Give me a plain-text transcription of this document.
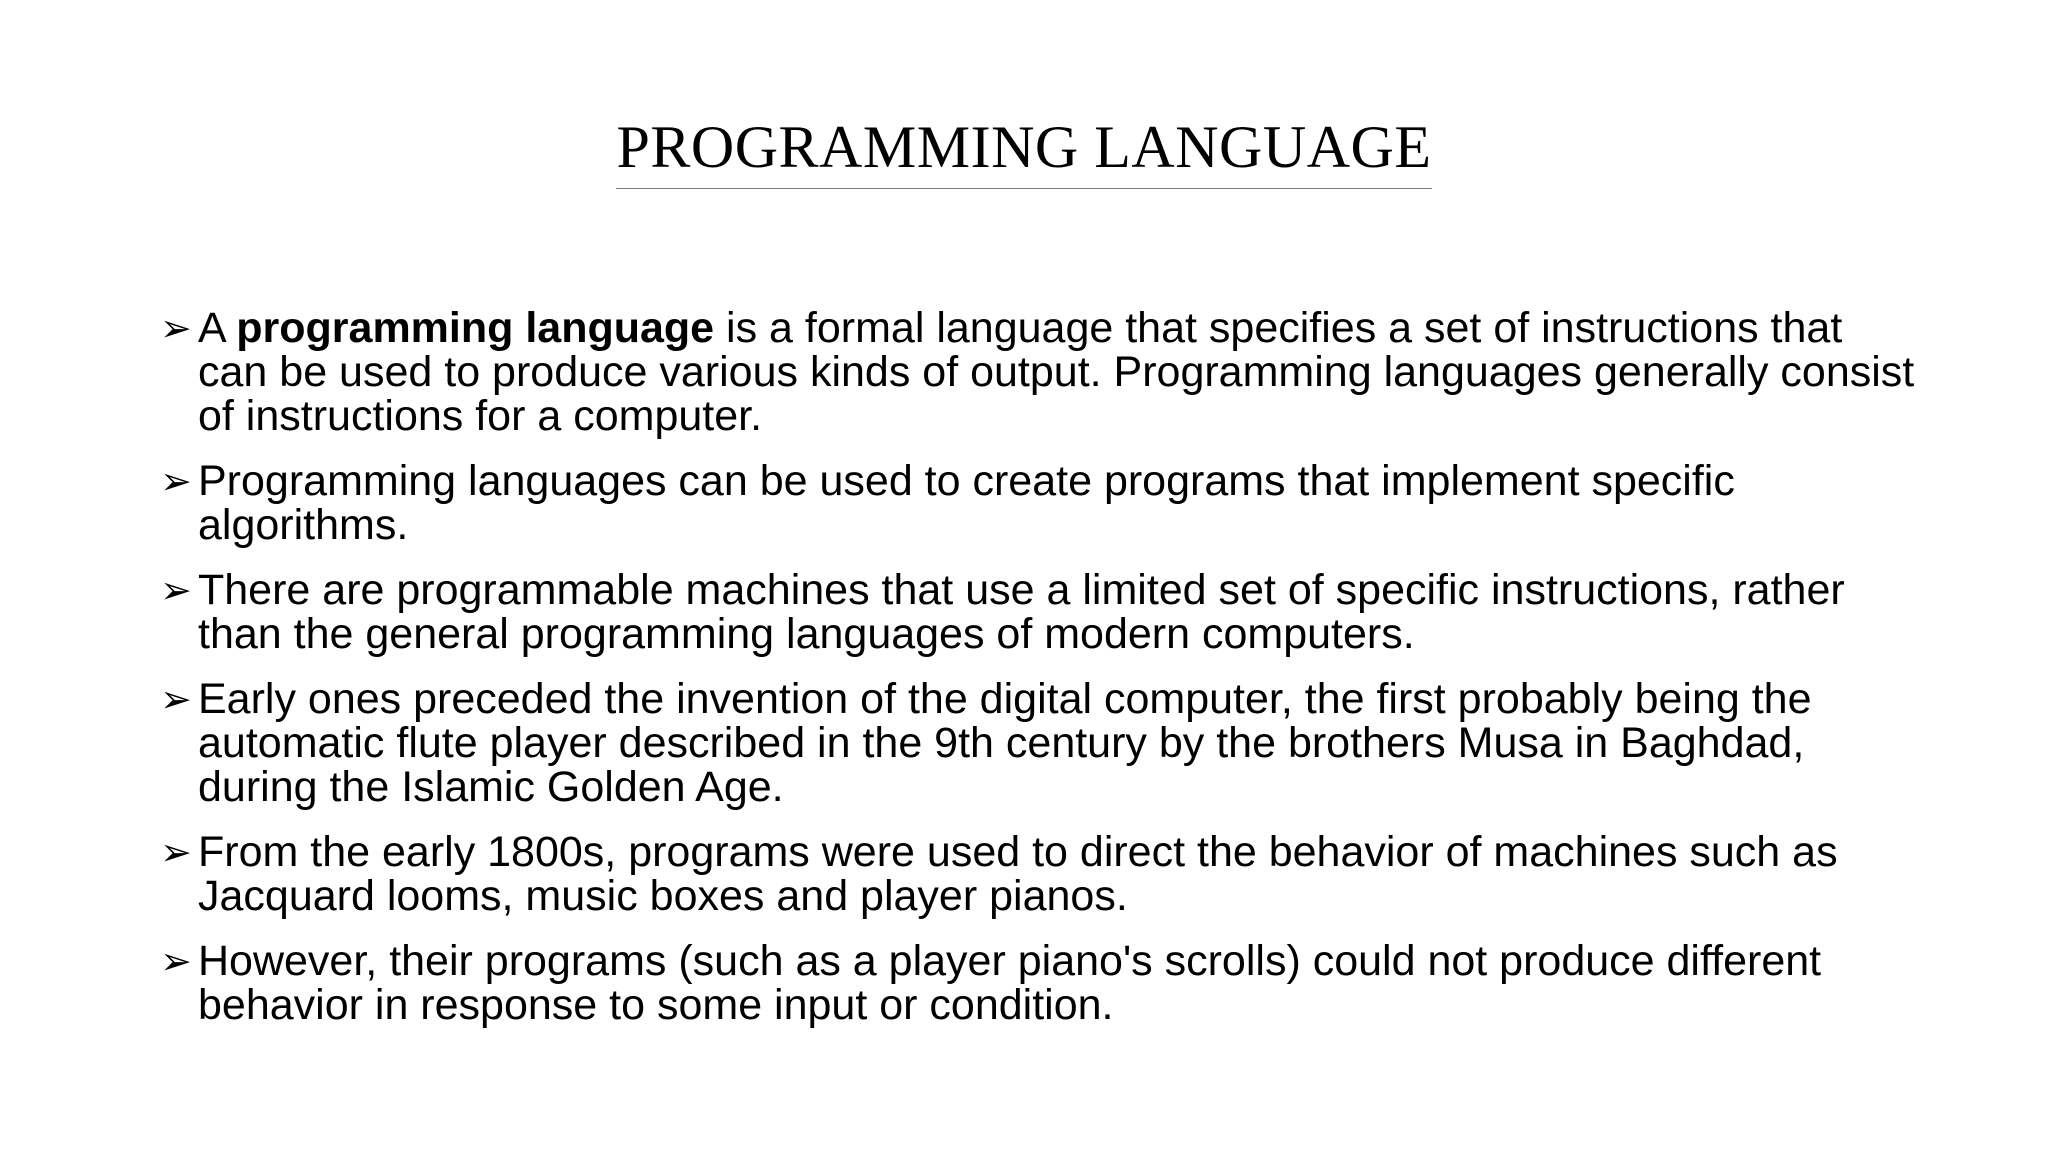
PROGRAMMING LANGUAGE
➢ A programming language is a formal language that specifies a set of instructions that can be used to produce various kinds of output. Programming languages generally consist of instructions for a computer.
➢ Programming languages can be used to create programs that implement specific algorithms.
➢ There are programmable machines that use a limited set of specific instructions, rather than the general programming languages of modern computers.
➢ Early ones preceded the invention of the digital computer, the first probably being the automatic flute player described in the 9th century by the brothers Musa in Baghdad, during the Islamic Golden Age.
➢ From the early 1800s, programs were used to direct the behavior of machines such as Jacquard looms, music boxes and player pianos.
➢ However, their programs (such as a player piano's scrolls) could not produce different behavior in response to some input or condition.
